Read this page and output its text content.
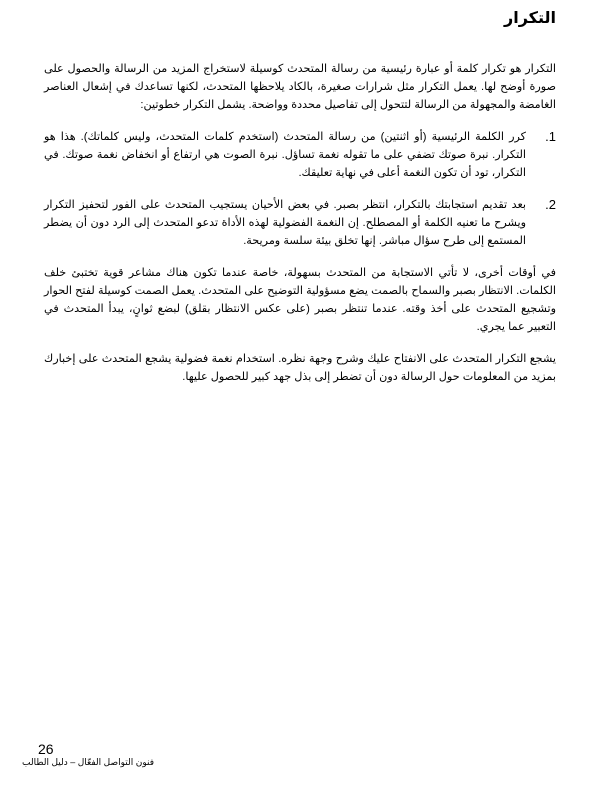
التكرار

التكرار هو تكرار كلمة أو عبارة رئيسية من رسالة المتحدث كوسيلة لاستخراج المزيد من الرسالة والحصول على صورة أوضح لها. يعمل التكرار مثل شرارات صغيرة، بالكاد يلاحظها المتحدث، لكنها تساعدك في إشعال العناصر الغامضة والمجهولة من الرسالة لتتحول إلى تفاصيل محددة وواضحة. يشمل التكرار خطوتين:

1.
كرر الكلمة الرئيسية (أو اثنتين) من رسالة المتحدث (استخدم كلمات المتحدث، وليس كلماتك). هذا هو التكرار. نبرة صوتك تضفي على ما تقوله نغمة تساؤل. نبرة الصوت هي ارتفاع أو انخفاض نغمة صوتك. في التكرار، تود أن تكون النغمة أعلى في نهاية تعليقك.
2.
بعد تقديم استجابتك بالتكرار، انتظر بصبر. في بعض الأحيان يستجيب المتحدث على الفور لتحفيز التكرار ويشرح ما تعنيه الكلمة أو المصطلح. إن النغمة الفضولية لهذه الأداة تدعو المتحدث إلى الرد دون أن يضطر المستمع إلى طرح سؤال مباشر. إنها تخلق بيئة سلسة ومريحة.

في أوقات أخرى، لا تأتي الاستجابة من المتحدث بسهولة، خاصة عندما تكون هناك مشاعر قوية تختبئ خلف الكلمات. الانتظار بصبر والسماح بالصمت يضع مسؤولية التوضيح على المتحدث. يعمل الصمت كوسيلة لفتح الحوار وتشجيع المتحدث على أخذ وقته. عندما تنتظر بصبر (على عكس الانتظار بقلق) لبضع ثوانٍ، يبدأ المتحدث في التعبير عما يجري.

يشجع التكرار المتحدث على الانفتاح عليك وشرح وجهة نظره. استخدام نغمة فضولية يشجع المتحدث على إخبارك بمزيد من المعلومات حول الرسالة دون أن تضطر إلى بذل جهد كبير للحصول عليها.

26
فنون التواصل الفعّال – دليل الطالب
